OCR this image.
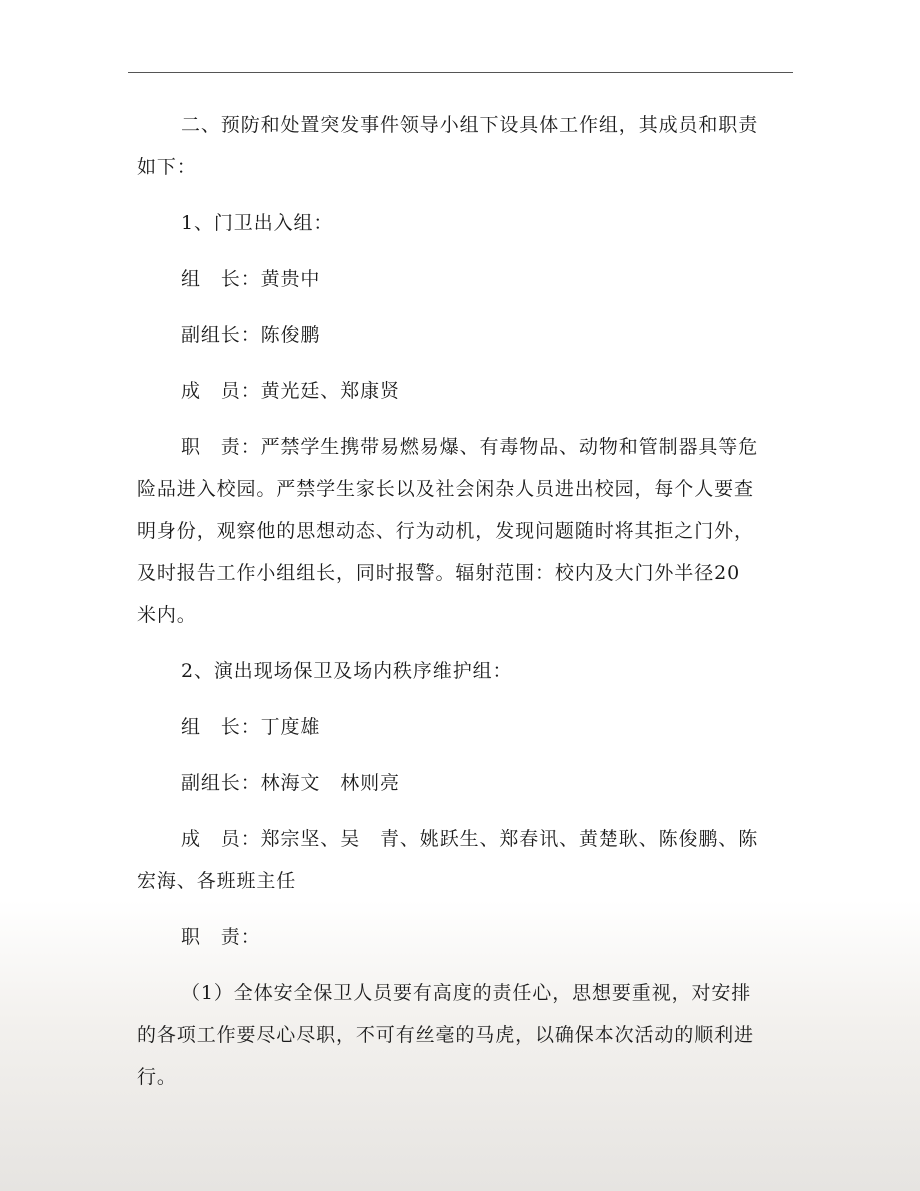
二、预防和处置突发事件领导小组下设具体工作组，其成员和职责
如下：

1、门卫出入组：

组　长：黄贵中

副组长：陈俊鹏

成　员：黄光廷、郑康贤

职　责：严禁学生携带易燃易爆、有毒物品、动物和管制器具等危
险品进入校园。严禁学生家长以及社会闲杂人员进出校园，每个人要查
明身份，观察他的思想动态、行为动机，发现问题随时将其拒之门外，
及时报告工作小组组长，同时报警。辐射范围：校内及大门外半径20
米内。

2、演出现场保卫及场内秩序维护组：

组　长：丁度雄

副组长：林海文　林则亮

成　员：郑宗坚、吴　青、姚跃生、郑春讯、黄楚耿、陈俊鹏、陈
宏海、各班班主任

职　责：

（1）全体安全保卫人员要有高度的责任心，思想要重视，对安排
的各项工作要尽心尽职，不可有丝毫的马虎，以确保本次活动的顺利进
行。
